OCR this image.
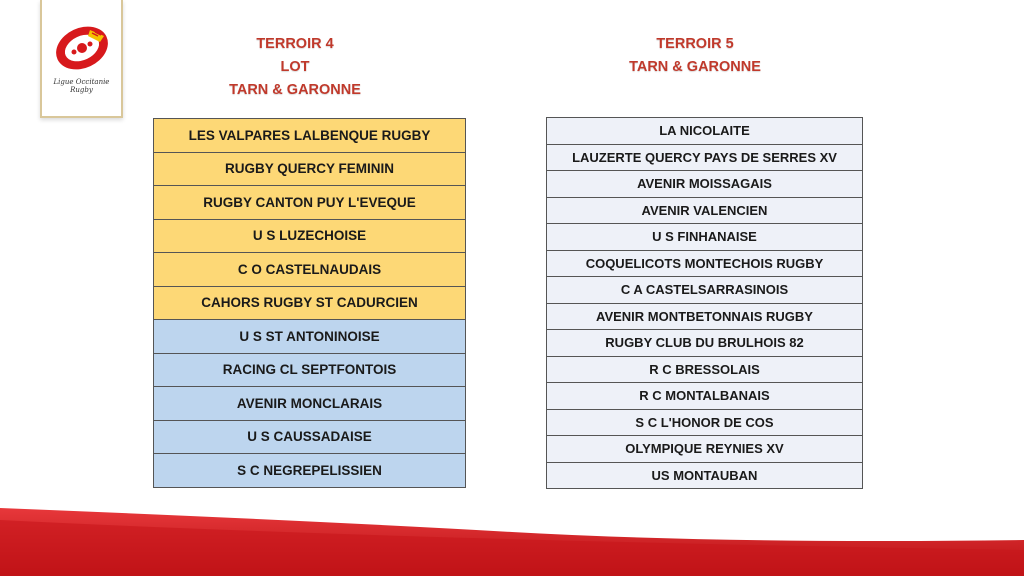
Ligue Occitanie Rugby
TERROIR 4
LOT
TARN & GARONNE
TERROIR 5
TARN & GARONNE
LES VALPARES LALBENQUE RUGBY
RUGBY QUERCY FEMININ
RUGBY CANTON PUY L'EVEQUE
U S LUZECHOISE
C O CASTELNAUDAIS
CAHORS RUGBY ST CADURCIEN
U S ST ANTONINOISE
RACING CL SEPTFONTOIS
AVENIR MONCLARAIS
U S CAUSSADAISE
S C NEGREPELISSIEN
LA NICOLAITE
LAUZERTE QUERCY PAYS DE SERRES XV
AVENIR MOISSAGAIS
AVENIR VALENCIEN
U S FINHANAISE
COQUELICOTS MONTECHOIS RUGBY
C A CASTELSARRASINOIS
AVENIR MONTBETONNAIS RUGBY
RUGBY CLUB DU BRULHOIS 82
R C BRESSOLAIS
R C MONTALBANAIS
S C L'HONOR DE COS
OLYMPIQUE REYNIES XV
US MONTAUBAN
